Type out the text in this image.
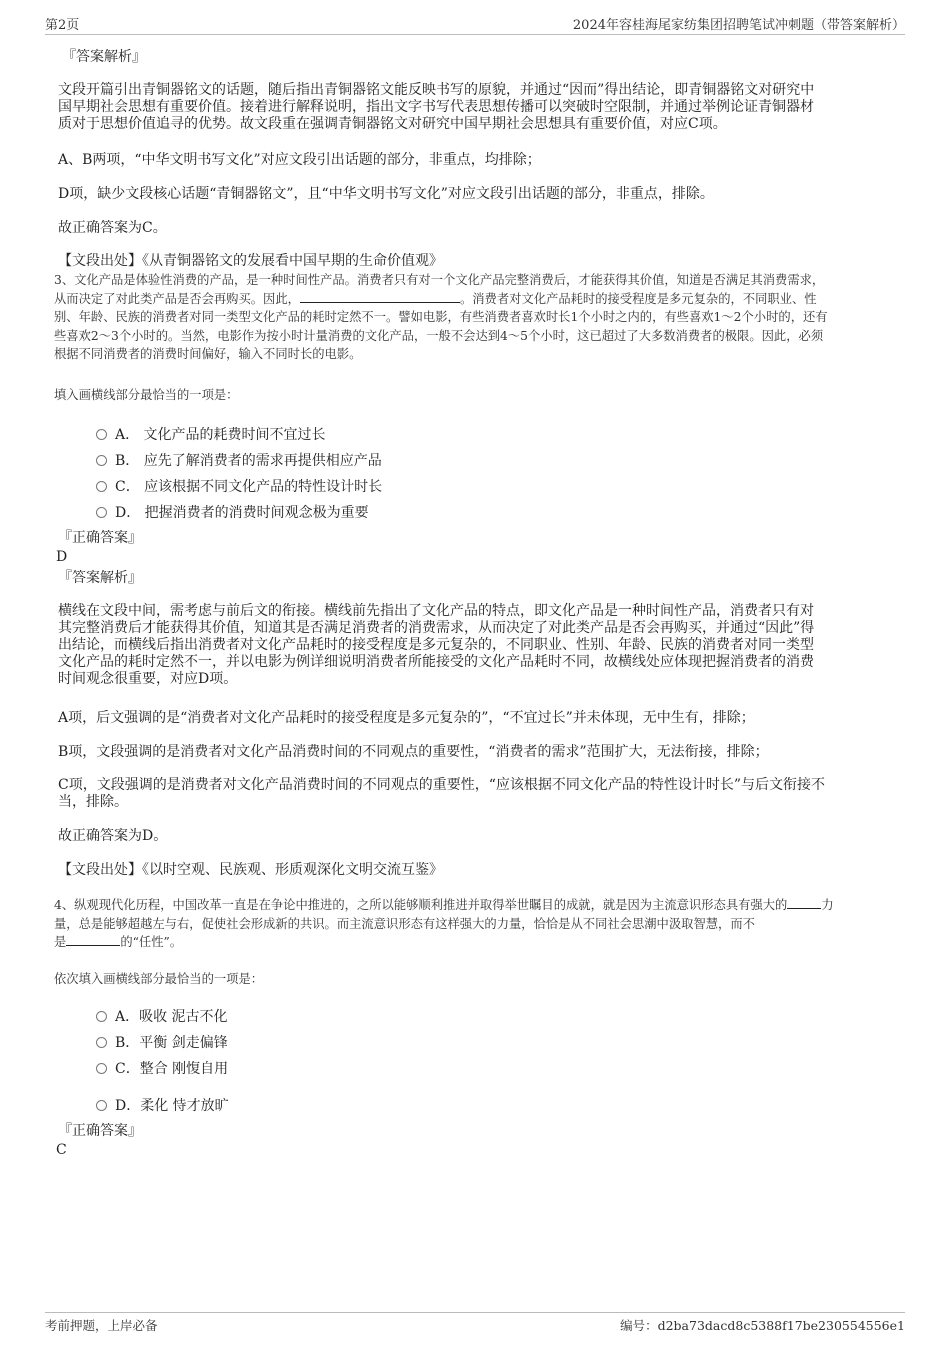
第2页	2024年容桂海尾家纺集团招聘笔试冲刺题（带答案解析）
『答案解析』
文段开篇引出青铜器铭文的话题，随后指出青铜器铭文能反映书写的原貌，并通过“因而”得出结论，即青铜器铭文对研究中
国早期社会思想有重要价值。接着进行解释说明，指出文字书写代表思想传播可以突破时空限制，并通过举例论证青铜器材
质对于思想价值追寻的优势。故文段重在强调青铜器铭文对研究中国早期社会思想具有重要价值，对应C项。
A、B两项，“中华文明书写文化”对应文段引出话题的部分，非重点，均排除；
D项，缺少文段核心话题“青铜器铭文”，且“中华文明书写文化”对应文段引出话题的部分，非重点，排除。
故正确答案为C。
【文段出处】《从青铜器铭文的发展看中国早期的生命价值观》
3、文化产品是体验性消费的产品，是一种时间性产品。消费者只有对一个文化产品完整消费后，才能获得其价值，知道是否满足其消费需求，
从而决定了对此类产品是否会再购买。因此，	。消费者对文化产品耗时的接受程度是多元复杂的，不同职业、性
别、年龄、民族的消费者对同一类型文化产品的耗时定然不一。譬如电影，有些消费者喜欢时长1个小时之内的，有些喜欢1～2个小时的，还有
些喜欢2～3个小时的。当然，电影作为按小时计量消费的文化产品，一般不会达到4～5个小时，这已超过了大多数消费者的极限。因此，必须
根据不同消费者的消费时间偏好，输入不同时长的电影。
填入画横线部分最恰当的一项是：
A． 文化产品的耗费时间不宜过长
B． 应先了解消费者的需求再提供相应产品
C． 应该根据不同文化产品的特性设计时长
D． 把握消费者的消费时间观念极为重要
『正确答案』
D
『答案解析』
横线在文段中间，需考虑与前后文的衔接。横线前先指出了文化产品的特点，即文化产品是一种时间性产品，消费者只有对
其完整消费后才能获得其价值，知道其是否满足消费者的消费需求，从而决定了对此类产品是否会再购买，并通过“因此”得
出结论，而横线后指出消费者对文化产品耗时的接受程度是多元复杂的，不同职业、性别、年龄、民族的消费者对同一类型
文化产品的耗时定然不一，并以电影为例详细说明消费者所能接受的文化产品耗时不同，故横线处应体现把握消费者的消费
时间观念很重要，对应D项。
A项，后文强调的是“消费者对文化产品耗时的接受程度是多元复杂的”，“不宜过长”并未体现，无中生有，排除；
B项，文段强调的是消费者对文化产品消费时间的不同观点的重要性，“消费者的需求”范围扩大，无法衔接，排除；
C项，文段强调的是消费者对文化产品消费时间的不同观点的重要性，“应该根据不同文化产品的特性设计时长”与后文衔接不
当，排除。
故正确答案为D。
【文段出处】《以时空观、民族观、形质观深化文明交流互鉴》
4、纵观现代化历程，中国改革一直是在争论中推进的，之所以能够顺利推进并取得举世瞩目的成就，就是因为主流意识形态具有强大的	力
量，总是能够超越左与右，促使社会形成新的共识。而主流意识形态有这样强大的力量，恰恰是从不同社会思潮中汲取智慧，而不
是	的“任性”。
依次填入画横线部分最恰当的一项是：
A．吸收 泥古不化
B．平衡 剑走偏锋
C．整合 刚愎自用
D．柔化 恃才放旷
『正确答案』
C
考前押题，上岸必备	编号：d2ba73dacd8c5388f17be230554556e1
